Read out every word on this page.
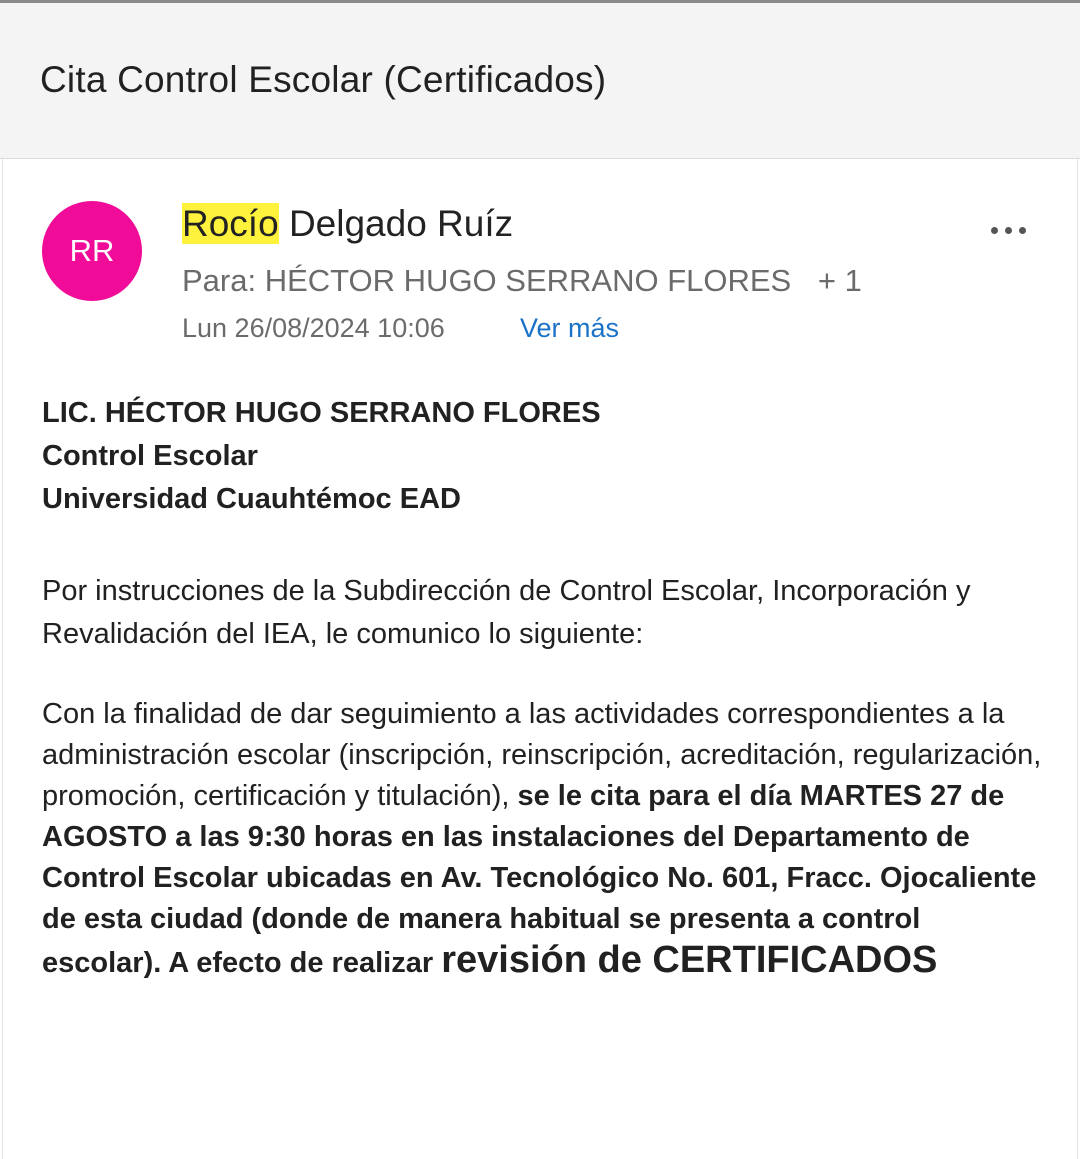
Cita Control Escolar (Certificados)
RR
Rocío Delgado Ruíz
Para: HÉCTOR HUGO SERRANO FLORES + 1
Lun 26/08/2024 10:06	Ver más
LIC. HÉCTOR HUGO SERRANO FLORES
Control Escolar
Universidad Cuauhtémoc EAD
Por instrucciones de la Subdirección de Control Escolar, Incorporación y Revalidación del IEA, le comunico lo siguiente:
Con la finalidad de dar seguimiento a las actividades correspondientes a la administración escolar (inscripción, reinscripción, acreditación, regularización, promoción, certificación y titulación), se le cita para el día MARTES 27 de AGOSTO a las 9:30 horas en las instalaciones del Departamento de Control Escolar ubicadas en Av. Tecnológico No. 601, Fracc. Ojocaliente de esta ciudad (donde de manera habitual se presenta a control escolar). A efecto de realizar revisión de CERTIFICADOS
